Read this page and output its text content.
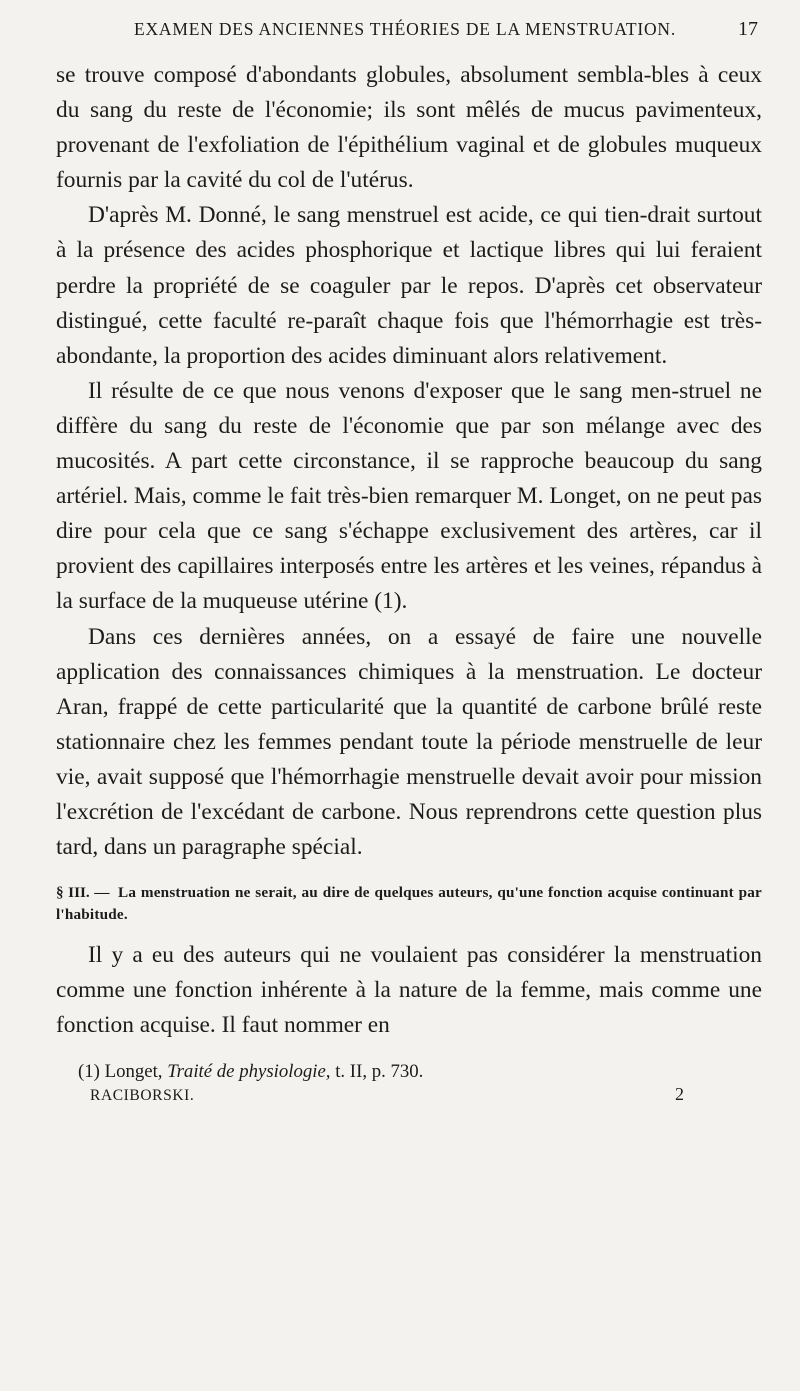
EXAMEN DES ANCIENNES THÉORIES DE LA MENSTRUATION.	17

se trouve composé d'abondants globules, absolument sembla-bles à ceux du sang du reste de l'économie; ils sont mêlés de mucus pavimenteux, provenant de l'exfoliation de l'épithélium vaginal et de globules muqueux fournis par la cavité du col de l'utérus.

D'après M. Donné, le sang menstruel est acide, ce qui tien-drait surtout à la présence des acides phosphorique et lactique libres qui lui feraient perdre la propriété de se coaguler par le repos. D'après cet observateur distingué, cette faculté re-paraît chaque fois que l'hémorrhagie est très-abondante, la proportion des acides diminuant alors relativement.

Il résulte de ce que nous venons d'exposer que le sang men-struel ne diffère du sang du reste de l'économie que par son mélange avec des mucosités. A part cette circonstance, il se rapproche beaucoup du sang artériel. Mais, comme le fait très-bien remarquer M. Longet, on ne peut pas dire pour cela que ce sang s'échappe exclusivement des artères, car il provient des capillaires interposés entre les artères et les veines, répandus à la surface de la muqueuse utérine (1).

Dans ces dernières années, on a essayé de faire une nouvelle application des connaissances chimiques à la menstruation. Le docteur Aran, frappé de cette particularité que la quantité de carbone brûlé reste stationnaire chez les femmes pendant toute la période menstruelle de leur vie, avait supposé que l'hémorrhagie menstruelle devait avoir pour mission l'excrétion de l'excédant de carbone. Nous reprendrons cette question plus tard, dans un paragraphe spécial.

§ III. — La menstruation ne serait, au dire de quelques auteurs, qu'une fonction acquise continuant par l'habitude.

Il y a eu des auteurs qui ne voulaient pas considérer la menstruation comme une fonction inhérente à la nature de la femme, mais comme une fonction acquise. Il faut nommer en

(1) Longet, Traité de physiologie, t. II, p. 730.
RACIBORSKI.	2
